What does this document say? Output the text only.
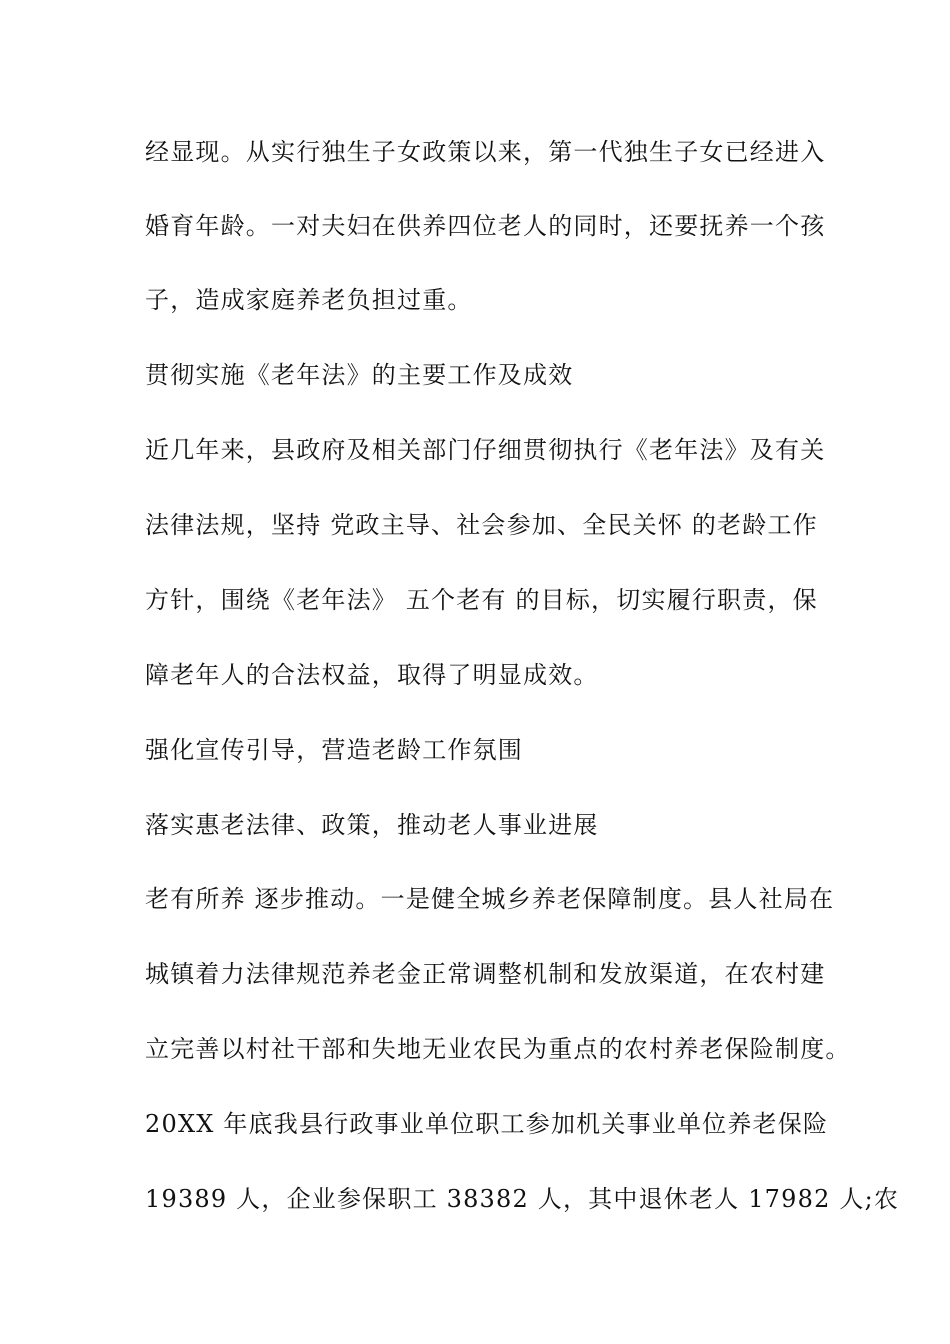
经显现。从实行独生子女政策以来，第一代独生子女已经进入
婚育年龄。一对夫妇在供养四位老人的同时，还要抚养一个孩
子，造成家庭养老负担过重。
贯彻实施《老年法》的主要工作及成效
近几年来，县政府及相关部门仔细贯彻执行《老年法》及有关
法律法规，坚持 党政主导、社会参加、全民关怀 的老龄工作
方针，围绕《老年法》 五个老有 的目标，切实履行职责，保
障老年人的合法权益，取得了明显成效。
强化宣传引导，营造老龄工作氛围
落实惠老法律、政策，推动老人事业进展
老有所养 逐步推动。一是健全城乡养老保障制度。县人社局在
城镇着力法律规范养老金正常调整机制和发放渠道，在农村建
立完善以村社干部和失地无业农民为重点的农村养老保险制度。
20XX 年底我县行政事业单位职工参加机关事业单位养老保险
19389 人，企业参保职工 38382 人，其中退休老人 17982 人;农
